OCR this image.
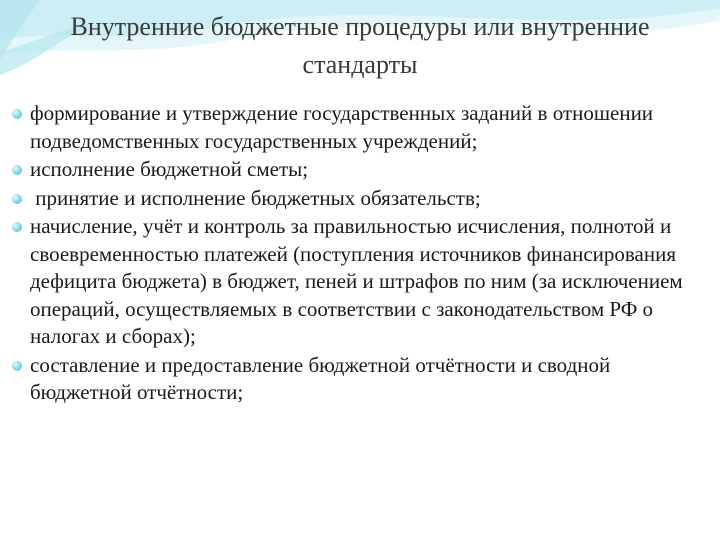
Внутренние бюджетные процедуры или внутренние стандарты
формирование и утверждение государственных заданий в отношении подведомственных государственных учреждений;
исполнение бюджетной сметы;
принятие и исполнение бюджетных обязательств;
начисление, учёт и контроль за правильностью исчисления, полнотой и своевременностью платежей (поступления источников финансирования дефицита бюджета) в бюджет, пеней и штрафов по ним (за исключением операций, осуществляемых в соответствии с законодательством РФ о налогах и сборах);
составление и предоставление бюджетной отчётности и сводной бюджетной отчётности;
